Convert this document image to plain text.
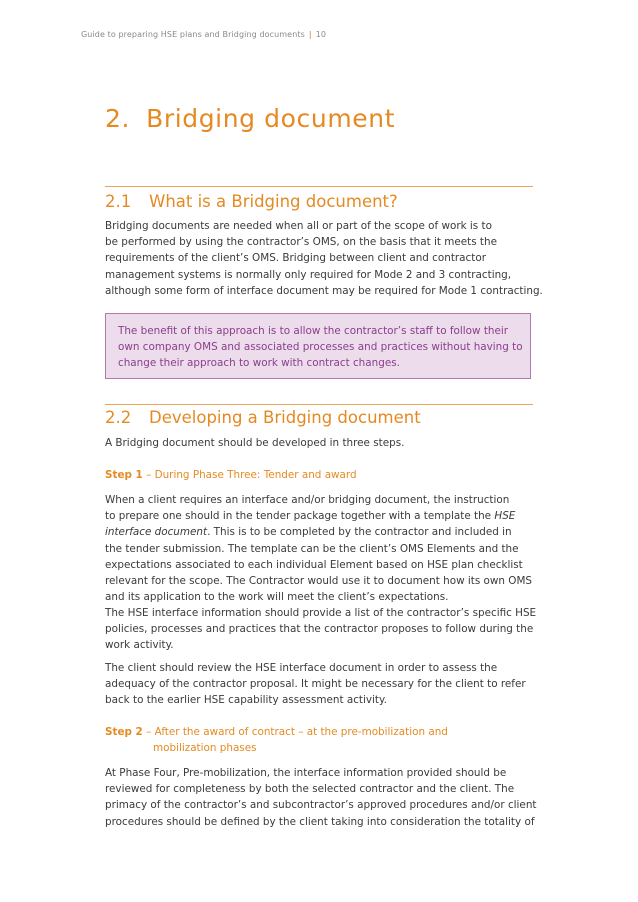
Guide to preparing HSE plans and Bridging documents | 10
2. Bridging document
2.1 What is a Bridging document?
Bridging documents are needed when all or part of the scope of work is to
be performed by using the contractor’s OMS, on the basis that it meets the
requirements of the client’s OMS. Bridging between client and contractor
management systems is normally only required for Mode 2 and 3 contracting,
although some form of interface document may be required for Mode 1 contracting.
The benefit of this approach is to allow the contractor’s staff to follow their
own company OMS and associated processes and practices without having to
change their approach to work with contract changes.
2.2 Developing a Bridging document
A Bridging document should be developed in three steps.
Step 1 – During Phase Three: Tender and award
When a client requires an interface and/or bridging document, the instruction
to prepare one should in the tender package together with a template the HSE
interface document. This is to be completed by the contractor and included in
the tender submission. The template can be the client’s OMS Elements and the
expectations associated to each individual Element based on HSE plan checklist
relevant for the scope. The Contractor would use it to document how its own OMS
and its application to the work will meet the client’s expectations.
The HSE interface information should provide a list of the contractor’s specific HSE
policies, processes and practices that the contractor proposes to follow during the
work activity.
The client should review the HSE interface document in order to assess the
adequacy of the contractor proposal. It might be necessary for the client to refer
back to the earlier HSE capability assessment activity.
Step 2 – After the award of contract – at the pre-mobilization and
mobilization phases
At Phase Four, Pre-mobilization, the interface information provided should be
reviewed for completeness by both the selected contractor and the client. The
primacy of the contractor’s and subcontractor’s approved procedures and/or client
procedures should be defined by the client taking into consideration the totality of
